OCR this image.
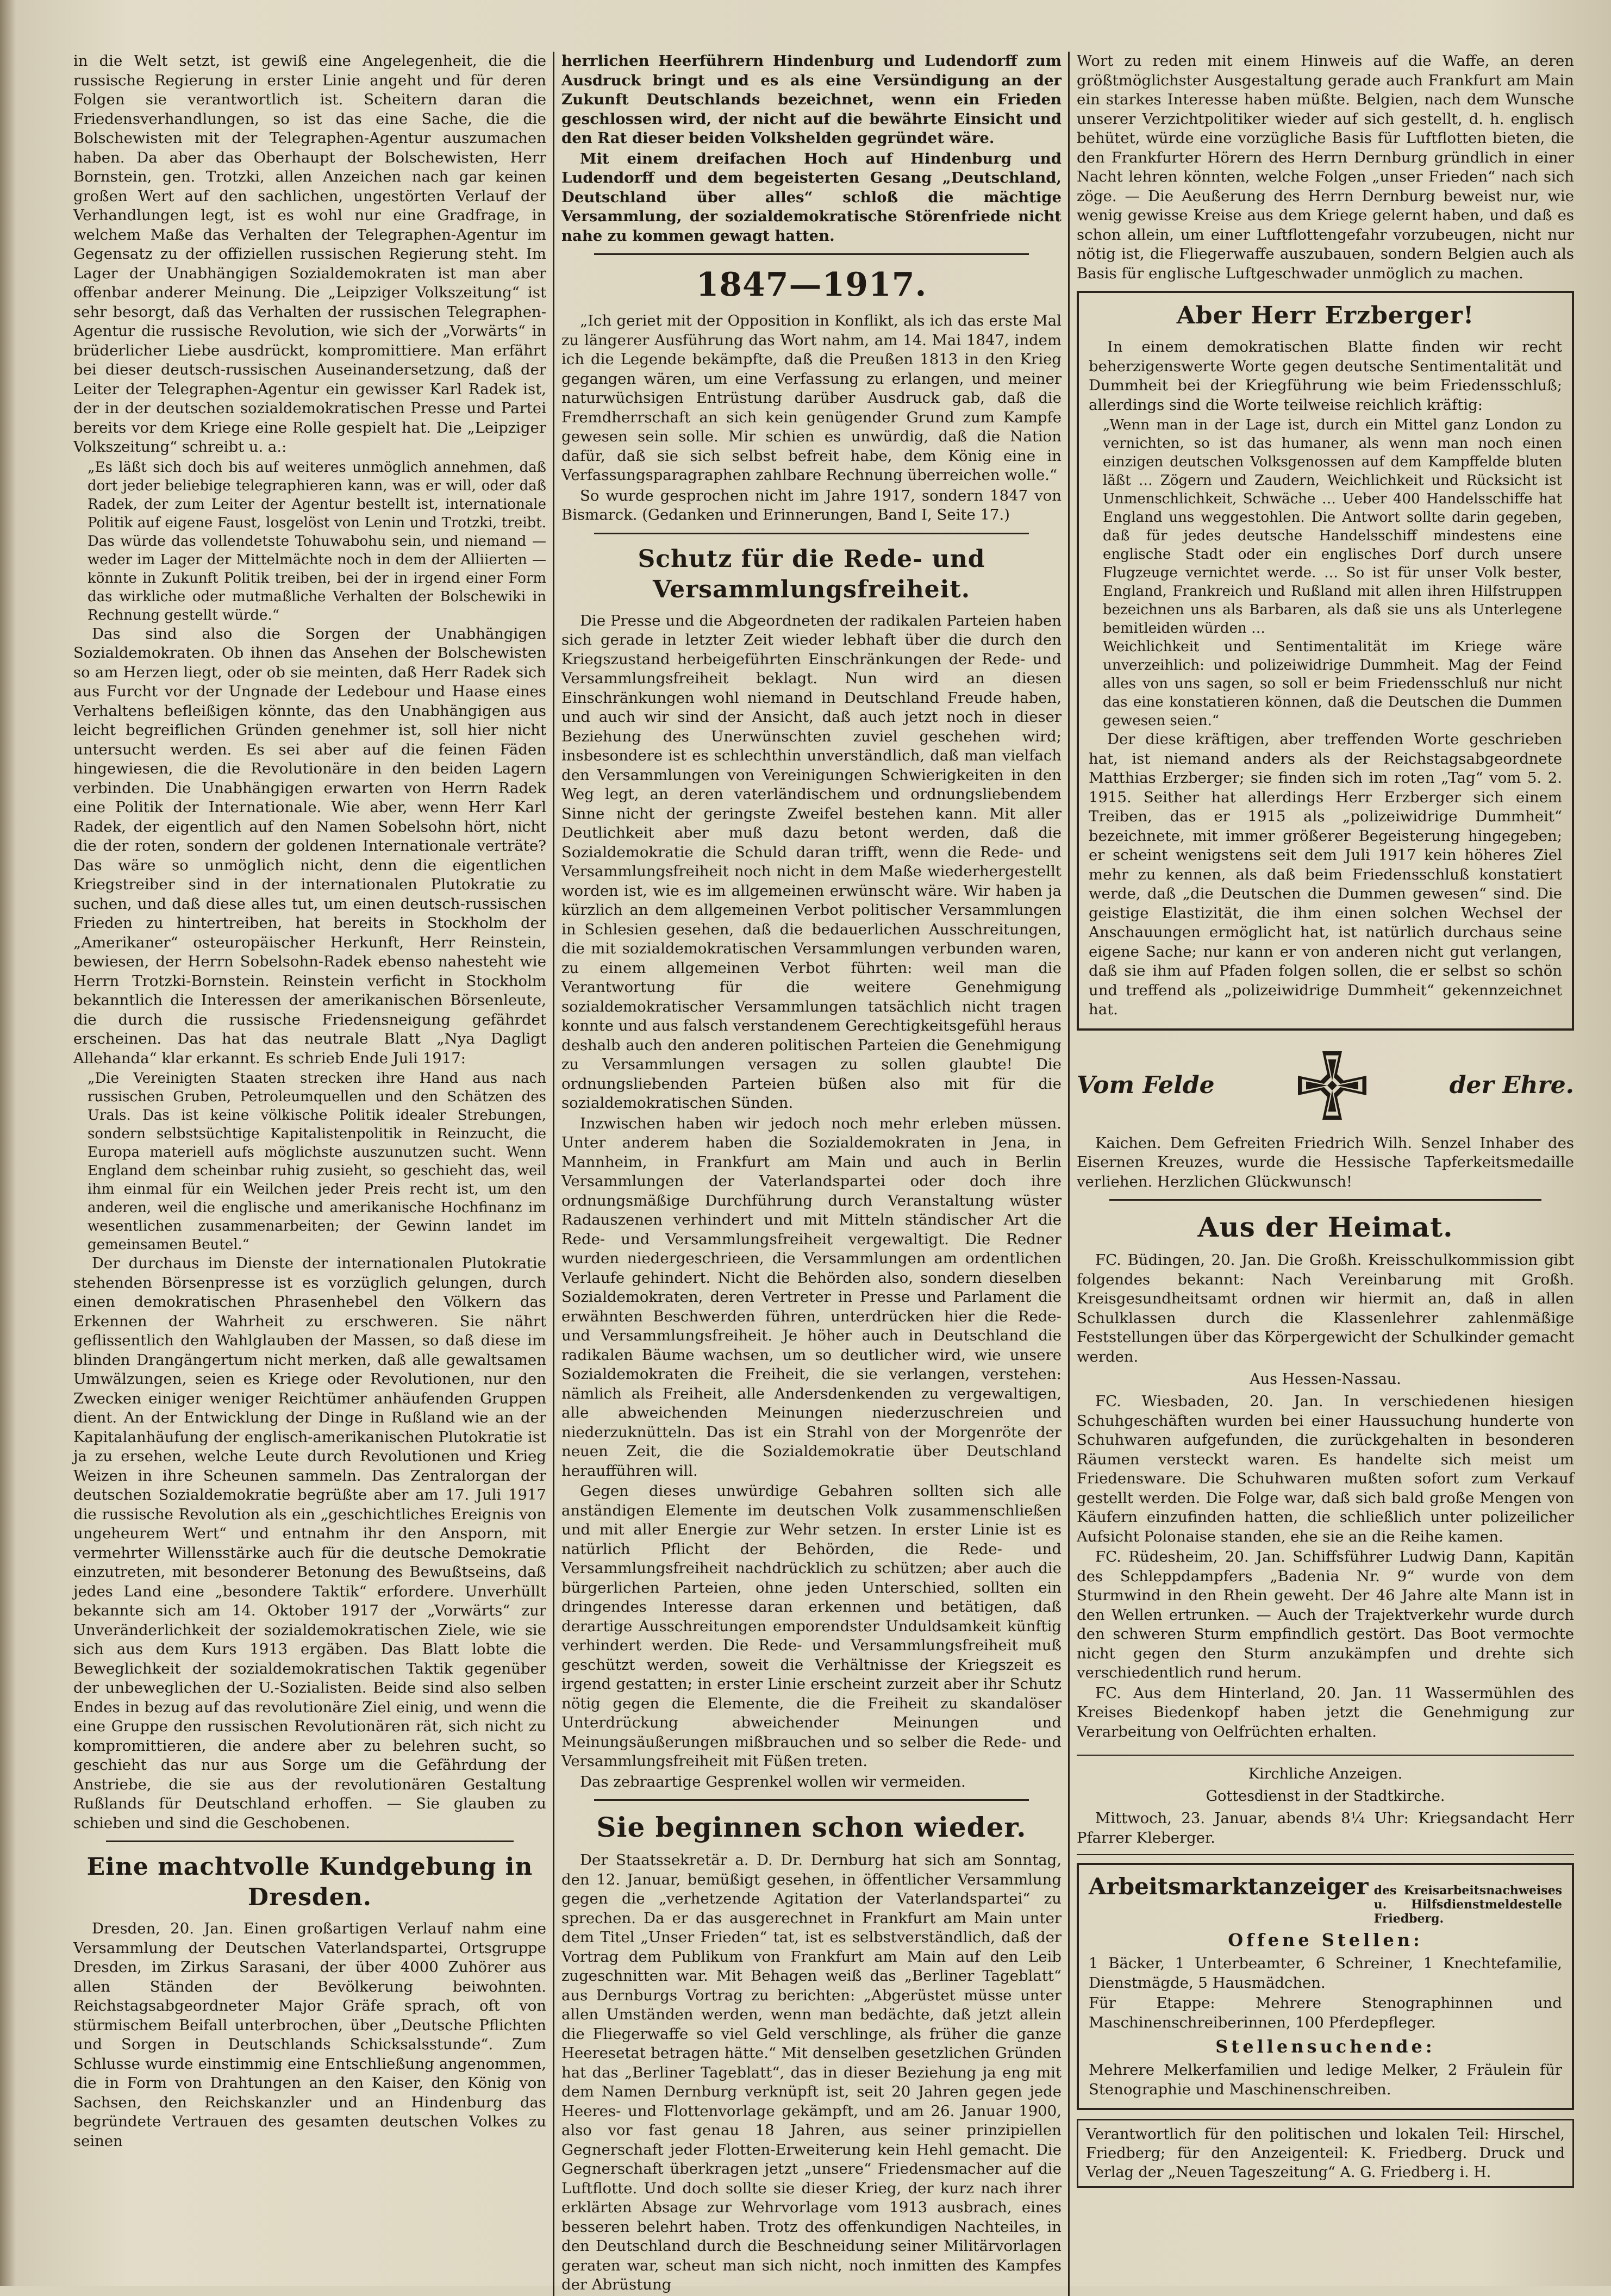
in die Welt setzt, ist gewiß eine Angelegenheit, die die russische Regierung in erster Linie angeht und für deren Folgen sie verantwortlich ist. Scheitern daran die Friedensverhandlungen, so ist das eine Sache, die die Bolschewisten mit der Telegraphen-Agentur auszumachen haben. Da aber das Oberhaupt der Bolschewisten, Herr Bornstein, gen. Trotzki, allen Anzeichen nach gar keinen großen Wert auf den sachlichen, ungestörten Verlauf der Verhandlungen legt, ist es wohl nur eine Gradfrage, in welchem Maße das Verhalten der Telegraphen-Agentur im Gegensatz zu der offiziellen russischen Regierung steht. Im Lager der Unabhängigen Sozialdemokraten ist man aber offenbar anderer Meinung. Die „Leipziger Volkszeitung“ ist sehr besorgt, daß das Verhalten der russischen Telegraphen-Agentur die russische Revolution, wie sich der „Vorwärts“ in brüderlicher Liebe ausdrückt, kompromittiere. Man erfährt bei dieser deutsch-russischen Auseinandersetzung, daß der Leiter der Telegraphen-Agentur ein gewisser Karl Radek ist, der in der deutschen sozialdemokratischen Presse und Partei bereits vor dem Kriege eine Rolle gespielt hat. Die „Leipziger Volkszeitung“ schreibt u. a.:

„Es läßt sich doch bis auf weiteres unmöglich annehmen, daß dort jeder beliebige telegraphieren kann, was er will, oder daß Radek, der zum Leiter der Agentur bestellt ist, internationale Politik auf eigene Faust, losgelöst von Lenin und Trotzki, treibt. Das würde das vollendetste Tohuwabohu sein, und niemand — weder im Lager der Mittelmächte noch in dem der Alliierten — könnte in Zukunft Politik treiben, bei der in irgend einer Form das wirkliche oder mutmaßliche Verhalten der Bolschewiki in Rechnung gestellt würde.“

Das sind also die Sorgen der Unabhängigen Sozialdemokraten. Ob ihnen das Ansehen der Bolschewisten so am Herzen liegt, oder ob sie meinten, daß Herr Radek sich aus Furcht vor der Ungnade der Ledebour und Haase eines Verhaltens befleißigen könnte, das den Unabhängigen aus leicht begreiflichen Gründen genehmer ist, soll hier nicht untersucht werden. Es sei aber auf die feinen Fäden hingewiesen, die die Revolutionäre in den beiden Lagern verbinden. Die Unabhängigen erwarten von Herrn Radek eine Politik der Internationale. Wie aber, wenn Herr Karl Radek, der eigentlich auf den Namen Sobelsohn hört, nicht die der roten, sondern der goldenen Internationale verträte? Das wäre so unmöglich nicht, denn die eigentlichen Kriegstreiber sind in der internationalen Plutokratie zu suchen, und daß diese alles tut, um einen deutsch-russischen Frieden zu hintertreiben, hat bereits in Stockholm der „Amerikaner“ osteuropäischer Herkunft, Herr Reinstein, bewiesen, der Herrn Sobelsohn-Radek ebenso nahesteht wie Herrn Trotzki-Bornstein. Reinstein verficht in Stockholm bekanntlich die Interessen der amerikanischen Börsenleute, die durch die russische Friedensneigung gefährdet erscheinen. Das hat das neutrale Blatt „Nya Dagligt Allehanda“ klar erkannt. Es schrieb Ende Juli 1917:

„Die Vereinigten Staaten strecken ihre Hand aus nach russischen Gruben, Petroleumquellen und den Schätzen des Urals. Das ist keine völkische Politik idealer Strebungen, sondern selbstsüchtige Kapitalistenpolitik in Reinzucht, die Europa materiell aufs möglichste auszunutzen sucht. Wenn England dem scheinbar ruhig zusieht, so geschieht das, weil ihm einmal für ein Weilchen jeder Preis recht ist, um den anderen, weil die englische und amerikanische Hochfinanz im wesentlichen zusammenarbeiten; der Gewinn landet im gemeinsamen Beutel.“

Der durchaus im Dienste der internationalen Plutokratie stehenden Börsenpresse ist es vorzüglich gelungen, durch einen demokratischen Phrasenhebel den Völkern das Erkennen der Wahrheit zu erschweren. Sie nährt geflissentlich den Wahlglauben der Massen, so daß diese im blinden Drangängertum nicht merken, daß alle gewaltsamen Umwälzungen, seien es Kriege oder Revolutionen, nur den Zwecken einiger weniger Reichtümer anhäufenden Gruppen dient. An der Entwicklung der Dinge in Rußland wie an der Kapitalanhäufung der englisch-amerikanischen Plutokratie ist ja zu ersehen, welche Leute durch Revolutionen und Krieg Weizen in ihre Scheunen sammeln. Das Zentralorgan der deutschen Sozialdemokratie begrüßte aber am 17. Juli 1917 die russische Revolution als ein „geschichtliches Ereignis von ungeheurem Wert“ und entnahm ihr den Ansporn, mit vermehrter Willensstärke auch für die deutsche Demokratie einzutreten, mit besonderer Betonung des Bewußtseins, daß jedes Land eine „besondere Taktik“ erfordere. Unverhüllt bekannte sich am 14. Oktober 1917 der „Vorwärts“ zur Unveränderlichkeit der sozialdemokratischen Ziele, wie sie sich aus dem Kurs 1913 ergäben. Das Blatt lobte die Beweglichkeit der sozialdemokratischen Taktik gegenüber der unbeweglichen der U.-Sozialisten. Beide sind also selben Endes in bezug auf das revolutionäre Ziel einig, und wenn die eine Gruppe den russischen Revolutionären rät, sich nicht zu kompromittieren, die andere aber zu belehren sucht, so geschieht das nur aus Sorge um die Gefährdung der Anstriebe, die sie aus der revolutionären Gestaltung Rußlands für Deutschland erhoffen. — Sie glauben zu schieben und sind die Geschobenen.

Eine machtvolle Kundgebung in Dresden.

Dresden, 20. Jan. Einen großartigen Verlauf nahm eine Versammlung der Deutschen Vaterlandspartei, Ortsgruppe Dresden, im Zirkus Sarasani, der über 4000 Zuhörer aus allen Ständen der Bevölkerung beiwohnten. Reichstagsabgeordneter Major Gräfe sprach, oft von stürmischem Beifall unterbrochen, über „Deutsche Pflichten und Sorgen in Deutschlands Schicksalsstunde“. Zum Schlusse wurde einstimmig eine Entschließung angenommen, die in Form von Drahtungen an den Kaiser, den König von Sachsen, den Reichskanzler und an Hindenburg das begründete Vertrauen des gesamten deutschen Volkes zu seinen

herrlichen Heerführern Hindenburg und Ludendorff zum Ausdruck bringt und es als eine Versündigung an der Zukunft Deutschlands bezeichnet, wenn ein Frieden geschlossen wird, der nicht auf die bewährte Einsicht und den Rat dieser beiden Volkshelden gegründet wäre.

Mit einem dreifachen Hoch auf Hindenburg und Ludendorff und dem begeisterten Gesang „Deutschland, Deutschland über alles“ schloß die mächtige Versammlung, der sozialdemokratische Störenfriede nicht nahe zu kommen gewagt hatten.

1847—1917.

„Ich geriet mit der Opposition in Konflikt, als ich das erste Mal zu längerer Ausführung das Wort nahm, am 14. Mai 1847, indem ich die Legende bekämpfte, daß die Preußen 1813 in den Krieg gegangen wären, um eine Verfassung zu erlangen, und meiner naturwüchsigen Entrüstung darüber Ausdruck gab, daß die Fremdherrschaft an sich kein genügender Grund zum Kampfe gewesen sein solle. Mir schien es unwürdig, daß die Nation dafür, daß sie sich selbst befreit habe, dem König eine in Verfassungsparagraphen zahlbare Rechnung überreichen wolle.“

So wurde gesprochen nicht im Jahre 1917, sondern 1847 von Bismarck. (Gedanken und Erinnerungen, Band I, Seite 17.)

Schutz für die Rede- und Versammlungsfreiheit.

Die Presse und die Abgeordneten der radikalen Parteien haben sich gerade in letzter Zeit wieder lebhaft über die durch den Kriegszustand herbeigeführten Einschränkungen der Rede- und Versammlungsfreiheit beklagt. Nun wird an diesen Einschränkungen wohl niemand in Deutschland Freude haben, und auch wir sind der Ansicht, daß auch jetzt noch in dieser Beziehung des Unerwünschten zuviel geschehen wird; insbesondere ist es schlechthin unverständlich, daß man vielfach den Versammlungen von Vereinigungen Schwierigkeiten in den Weg legt, an deren vaterländischem und ordnungsliebendem Sinne nicht der geringste Zweifel bestehen kann. Mit aller Deutlichkeit aber muß dazu betont werden, daß die Sozialdemokratie die Schuld daran trifft, wenn die Rede- und Versammlungsfreiheit noch nicht in dem Maße wiederhergestellt worden ist, wie es im allgemeinen erwünscht wäre. Wir haben ja kürzlich an dem allgemeinen Verbot politischer Versammlungen in Schlesien gesehen, daß die bedauerlichen Ausschreitungen, die mit sozialdemokratischen Versammlungen verbunden waren, zu einem allgemeinen Verbot führten: weil man die Verantwortung für die weitere Genehmigung sozialdemokratischer Versammlungen tatsächlich nicht tragen konnte und aus falsch verstandenem Gerechtigkeitsgefühl heraus deshalb auch den anderen politischen Parteien die Genehmigung zu Versammlungen versagen zu sollen glaubte! Die ordnungsliebenden Parteien büßen also mit für die sozialdemokratischen Sünden.

Inzwischen haben wir jedoch noch mehr erleben müssen. Unter anderem haben die Sozialdemokraten in Jena, in Mannheim, in Frankfurt am Main und auch in Berlin Versammlungen der Vaterlandspartei oder doch ihre ordnungsmäßige Durchführung durch Veranstaltung wüster Radauszenen verhindert und mit Mitteln ständischer Art die Rede- und Versammlungsfreiheit vergewaltigt. Die Redner wurden niedergeschrieen, die Versammlungen am ordentlichen Verlaufe gehindert. Nicht die Behörden also, sondern dieselben Sozialdemokraten, deren Vertreter in Presse und Parlament die erwähnten Beschwerden führen, unterdrücken hier die Rede- und Versammlungsfreiheit. Je höher auch in Deutschland die radikalen Bäume wachsen, um so deutlicher wird, wie unsere Sozialdemokraten die Freiheit, die sie verlangen, verstehen: nämlich als Freiheit, alle Andersdenkenden zu vergewaltigen, alle abweichenden Meinungen niederzuschreien und niederzuknütteln. Das ist ein Strahl von der Morgenröte der neuen Zeit, die die Sozialdemokratie über Deutschland heraufführen will.

Gegen dieses unwürdige Gebahren sollten sich alle anständigen Elemente im deutschen Volk zusammenschließen und mit aller Energie zur Wehr setzen. In erster Linie ist es natürlich Pflicht der Behörden, die Rede- und Versammlungsfreiheit nachdrücklich zu schützen; aber auch die bürgerlichen Parteien, ohne jeden Unterschied, sollten ein dringendes Interesse daran erkennen und betätigen, daß derartige Ausschreitungen emporendster Unduldsamkeit künftig verhindert werden. Die Rede- und Versammlungsfreiheit muß geschützt werden, soweit die Verhältnisse der Kriegszeit es irgend gestatten; in erster Linie erscheint zurzeit aber ihr Schutz nötig gegen die Elemente, die die Freiheit zu skandalöser Unterdrückung abweichender Meinungen und Meinungsäußerungen mißbrauchen und so selber die Rede- und Versammlungsfreiheit mit Füßen treten.

Das zebraartige Gesprenkel wollen wir vermeiden.

Sie beginnen schon wieder.

Der Staatssekretär a. D. Dr. Dernburg hat sich am Sonntag, den 12. Januar, bemüßigt gesehen, in öffentlicher Versammlung gegen die „verhetzende Agitation der Vaterlandspartei“ zu sprechen. Da er das ausgerechnet in Frankfurt am Main unter dem Titel „Unser Frieden“ tat, ist es selbstverständlich, daß der Vortrag dem Publikum von Frankfurt am Main auf den Leib zugeschnitten war. Mit Behagen weiß das „Berliner Tageblatt“ aus Dernburgs Vortrag zu berichten: „Abgerüstet müsse unter allen Umständen werden, wenn man bedächte, daß jetzt allein die Fliegerwaffe so viel Geld verschlinge, als früher die ganze Heeresetat betragen hätte.“ Mit denselben gesetzlichen Gründen hat das „Berliner Tageblatt“, das in dieser Beziehung ja eng mit dem Namen Dernburg verknüpft ist, seit 20 Jahren gegen jede Heeres- und Flottenvorlage gekämpft, und am 26. Januar 1900, also vor fast genau 18 Jahren, aus seiner prinzipiellen Gegnerschaft jeder Flotten-Erweiterung kein Hehl gemacht. Die Gegnerschaft überkragen jetzt „unsere“ Friedensmacher auf die Luftflotte. Und doch sollte sie dieser Krieg, der kurz nach ihrer erklärten Absage zur Wehrvorlage vom 1913 ausbrach, eines besseren belehrt haben. Trotz des offenkundigen Nachteiles, in den Deutschland durch die Beschneidung seiner Militärvorlagen geraten war, scheut man sich nicht, noch inmitten des Kampfes der Abrüstung

Wort zu reden mit einem Hinweis auf die Waffe, an deren größtmöglichster Ausgestaltung gerade auch Frankfurt am Main ein starkes Interesse haben müßte. Belgien, nach dem Wunsche unserer Verzichtpolitiker wieder auf sich gestellt, d. h. englisch behütet, würde eine vorzügliche Basis für Luftflotten bieten, die den Frankfurter Hörern des Herrn Dernburg gründlich in einer Nacht lehren könnten, welche Folgen „unser Frieden“ nach sich zöge. — Die Aeußerung des Herrn Dernburg beweist nur, wie wenig gewisse Kreise aus dem Kriege gelernt haben, und daß es schon allein, um einer Luftflottengefahr vorzubeugen, nicht nur nötig ist, die Fliegerwaffe auszubauen, sondern Belgien auch als Basis für englische Luftgeschwader unmöglich zu machen.

Aber Herr Erzberger!

In einem demokratischen Blatte finden wir recht beherzigenswerte Worte gegen deutsche Sentimentalität und Dummheit bei der Kriegführung wie beim Friedensschluß; allerdings sind die Worte teilweise reichlich kräftig:

„Wenn man in der Lage ist, durch ein Mittel ganz London zu vernichten, so ist das humaner, als wenn man noch einen einzigen deutschen Volksgenossen auf dem Kampffelde bluten läßt … Zögern und Zaudern, Weichlichkeit und Rücksicht ist Unmenschlichkeit, Schwäche … Ueber 400 Handelsschiffe hat England uns weggestohlen. Die Antwort sollte darin gegeben, daß für jedes deutsche Handelsschiff mindestens eine englische Stadt oder ein englisches Dorf durch unsere Flugzeuge vernichtet werde. … So ist für unser Volk bester, England, Frankreich und Rußland mit allen ihren Hilfstruppen bezeichnen uns als Barbaren, als daß sie uns als Unterlegene bemitleiden würden …
Weichlichkeit und Sentimentalität im Kriege wäre unverzeihlich: und polizeiwidrige Dummheit. Mag der Feind alles von uns sagen, so soll er beim Friedensschluß nur nicht das eine konstatieren können, daß die Deutschen die Dummen gewesen seien.“

Der diese kräftigen, aber treffenden Worte geschrieben hat, ist niemand anders als der Reichstagsabgeordnete Matthias Erzberger; sie finden sich im roten „Tag“ vom 5. 2. 1915. Seither hat allerdings Herr Erzberger sich einem Treiben, das er 1915 als „polizeiwidrige Dummheit“ bezeichnete, mit immer größerer Begeisterung hingegeben; er scheint wenigstens seit dem Juli 1917 kein höheres Ziel mehr zu kennen, als daß beim Friedensschluß konstatiert werde, daß „die Deutschen die Dummen gewesen“ sind. Die geistige Elastizität, die ihm einen solchen Wechsel der Anschauungen ermöglicht hat, ist natürlich durchaus seine eigene Sache; nur kann er von anderen nicht gut verlangen, daß sie ihm auf Pfaden folgen sollen, die er selbst so schön und treffend als „polizeiwidrige Dummheit“ gekennzeichnet hat.

Vom Felde	der Ehre.

Kaichen. Dem Gefreiten Friedrich Wilh. Senzel Inhaber des Eisernen Kreuzes, wurde die Hessische Tapferkeitsmedaille verliehen. Herzlichen Glückwunsch!

Aus der Heimat.

FC. Büdingen, 20. Jan. Die Großh. Kreisschulkommission gibt folgendes bekannt: Nach Vereinbarung mit Großh. Kreisgesundheitsamt ordnen wir hiermit an, daß in allen Schulklassen durch die Klassenlehrer zahlenmäßige Feststellungen über das Körpergewicht der Schulkinder gemacht werden.

Aus Hessen-Nassau.

FC. Wiesbaden, 20. Jan. In verschiedenen hiesigen Schuhgeschäften wurden bei einer Haussuchung hunderte von Schuhwaren aufgefunden, die zurückgehalten in besonderen Räumen versteckt waren. Es handelte sich meist um Friedensware. Die Schuhwaren mußten sofort zum Verkauf gestellt werden. Die Folge war, daß sich bald große Mengen von Käufern einzufinden hatten, die schließlich unter polizeilicher Aufsicht Polonaise standen, ehe sie an die Reihe kamen.

FC. Rüdesheim, 20. Jan. Schiffsführer Ludwig Dann, Kapitän des Schleppdampfers „Badenia Nr. 9“ wurde von dem Sturmwind in den Rhein geweht. Der 46 Jahre alte Mann ist in den Wellen ertrunken. — Auch der Trajektverkehr wurde durch den schweren Sturm empfindlich gestört. Das Boot vermochte nicht gegen den Sturm anzukämpfen und drehte sich verschiedentlich rund herum.

FC. Aus dem Hinterland, 20. Jan. 11 Wassermühlen des Kreises Biedenkopf haben jetzt die Genehmigung zur Verarbeitung von Oelfrüchten erhalten.

Kirchliche Anzeigen.
Gottesdienst in der Stadtkirche.

Mittwoch, 23. Januar, abends 8¼ Uhr: Kriegsandacht Herr Pfarrer Kleberger.

Arbeitsmarktanzeiger des Kreisarbeitsnachweises u. Hilfsdienstmeldestelle Friedberg.
Offene Stellen:

1 Bäcker, 1 Unterbeamter, 6 Schreiner, 1 Knechtefamilie, Dienstmägde, 5 Hausmädchen.

Für Etappe: Mehrere Stenographinnen und Maschinenschreiberinnen, 100 Pferdepfleger.

Stellensuchende:

Mehrere Melkerfamilien und ledige Melker, 2 Fräulein für Stenographie und Maschinenschreiben.

Verantwortlich für den politischen und lokalen Teil: Hirschel, Friedberg; für den Anzeigenteil: K. Friedberg. Druck und Verlag der „Neuen Tageszeitung“ A. G. Friedberg i. H.
